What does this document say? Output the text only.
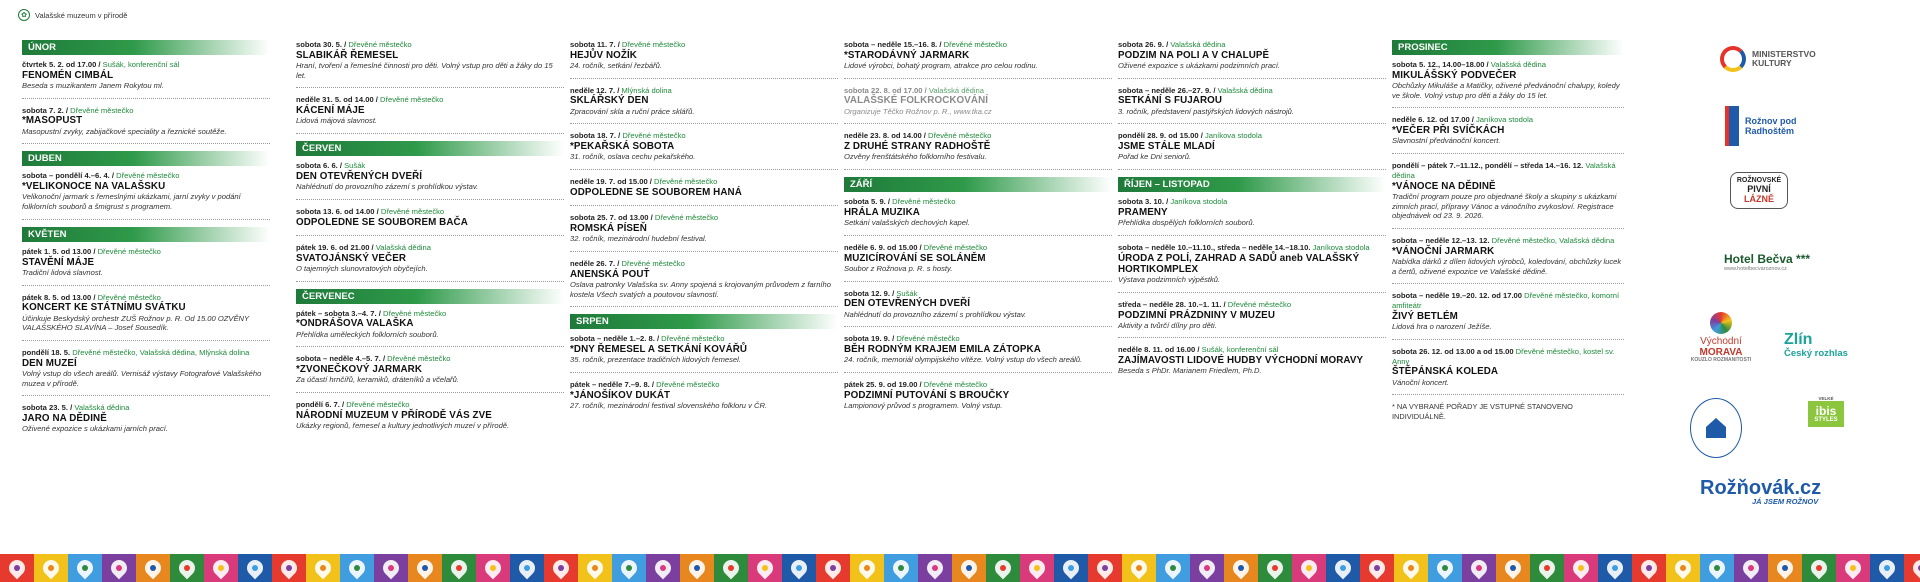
✿	Valašské muzeum v přírodě
ÚNOR
čtvrtek 5. 2. od 17.00 / Sušák, konferenční sál
FENOMÉN CIMBÁL
Beseda s muzikantem Janem Rokytou ml.
sobota 7. 2. / Dřevěné městečko
*MASOPUST
Masopustní zvyky, zabijačkové speciality a řeznické soutěže.
DUBEN
sobota – pondělí 4.–6. 4. / Dřevěné městečko
*VELIKONOCE NA VALAŠSKU
Velikonoční jarmark s řemeslnými ukázkami, jarní zvyky v podání folklorních souborů a šmigrust s programem.
KVĚTEN
pátek 1. 5. od 13.00 / Dřevěné městečko
STAVĚNÍ MÁJE
Tradiční lidová slavnost.
pátek 8. 5. od 13.00 / Dřevěné městečko
KONCERT KE STÁTNÍMU SVÁTKU
Účinkuje Beskydský orchestr ZUŠ Rožnov p. R. Od 15.00 OZVĚNY VALAŠSKÉHO SLAVÍNA – Josef Sousedík.
pondělí 18. 5. Dřevěné městečko, Valašská dědina, Mlýnská dolina
DEN MUZEÍ
Volný vstup do všech areálů. Vernisáž výstavy Fotografové Valašského muzea v přírodě.
sobota 23. 5. / Valašská dědina
JARO NA DĚDINĚ
Oživené expozice s ukázkami jarních prací.
sobota 30. 5. / Dřevěné městečko
SLABIKÁŘ ŘEMESEL
Hraní, tvoření a řemeslné činnosti pro děti. Volný vstup pro děti a žáky do 15 let.
neděle 31. 5. od 14.00 / Dřevěné městečko
KÁCENÍ MÁJE
Lidová májová slavnost.
ČERVEN
sobota 6. 6. / Sušák
DEN OTEVŘENÝCH DVEŘÍ
Nahlédnutí do provozního zázemí s prohlídkou výstav.
sobota 13. 6. od 14.00 / Dřevěné městečko
ODPOLEDNE SE SOUBOREM BAČA
pátek 19. 6. od 21.00 / Valašská dědina
SVATOJÁNSKÝ VEČER
O tajemných slunovratových obyčejích.
ČERVENEC
pátek – sobota 3.–4. 7. / Dřevěné městečko
*ONDRÁŠOVA VALAŠKA
Přehlídka uměleckých folklorních souborů.
sobota – neděle 4.–5. 7. / Dřevěné městečko
*ZVONEČKOVÝ JARMARK
Za účastí hrnčířů, keramiků, dráteníků a včelařů.
pondělí 6. 7. / Dřevěné městečko
NÁRODNÍ MUZEUM V PŘÍRODĚ VÁS ZVE
Ukázky regionů, řemesel a kultury jednotlivých muzeí v přírodě.
sobota 11. 7. / Dřevěné městečko
HEJŮV NOŽÍK
24. ročník, setkání řezbářů.
neděle 12. 7. / Mlýnská dolina
SKLÁŘSKÝ DEN
Zpracování skla a ruční práce sklářů.
sobota 18. 7. / Dřevěné městečko
*PEKAŘSKÁ SOBOTA
31. ročník, oslava cechu pekařského.
neděle 19. 7. od 15.00 / Dřevěné městečko
ODPOLEDNE SE SOUBOREM HANÁ
sobota 25. 7. od 13.00 / Dřevěné městečko
ROMSKÁ PÍSEŇ
32. ročník, mezinárodní hudební festival.
neděle 26. 7. / Dřevěné městečko
ANENSKÁ POUŤ
Oslava patronky Valašska sv. Anny spojená s krojovaným průvodem z farního kostela Všech svatých a poutovou slavností.
SRPEN
sobota – neděle 1.–2. 8. / Dřevěné městečko
*DNY ŘEMESEL A SETKÁNÍ KOVÁŘŮ
35. ročník, prezentace tradičních lidových řemesel.
pátek – neděle 7.–9. 8. / Dřevěné městečko
*JÁNOŠÍKOV DUKÁT
27. ročník, mezinárodní festival slovenského folkloru v ČR.
sobota – neděle 15.–16. 8. / Dřevěné městečko
*STARODÁVNÝ JARMARK
Lidové výrobci, bohatý program, atrakce pro celou rodinu.
sobota 22. 8. od 17.00 / Valašská dědina
VALAŠSKÉ FOLKROCKOVÁNÍ
Organizuje Těčko Rožnov p. R., www.tka.cz
neděle 23. 8. od 14.00 / Dřevěné městečko
Z DRUHÉ STRANY RADHOŠTĚ
Ozvěny frenštátského folklorního festivalu.
ZÁŘÍ
sobota 5. 9. / Dřevěné městečko
HRÁLA MUZIKA
Setkání valašských dechových kapel.
neděle 6. 9. od 15.00 / Dřevěné městečko
MUZICÍROVÁNÍ SE SOLÁNĚM
Soubor z Rožnova p. R. s hosty.
sobota 12. 9. / Sušák
DEN OTEVŘENÝCH DVEŘÍ
Nahlédnutí do provozního zázemí s prohlídkou výstav.
sobota 19. 9. / Dřevěné městečko
BĚH RODNÝM KRAJEM EMILA ZÁTOPKA
24. ročník, memoriál olympijského vítěze. Volný vstup do všech areálů.
pátek 25. 9. od 19.00 / Dřevěné městečko
PODZIMNÍ PUTOVÁNÍ S BROUČKY
Lampionový průvod s programem. Volný vstup.
sobota 26. 9. / Valašská dědina
PODZIM NA POLI A V CHALUPĚ
Oživené expozice s ukázkami podzimních prací.
sobota – neděle 26.–27. 9. / Valašská dědina
SETKÁNÍ S FUJAROU
3. ročník, představení pastýřských lidových nástrojů.
pondělí 28. 9. od 15.00 / Janíkova stodola
JSME STÁLE MLADÍ
Pořad ke Dni seniorů.
ŘÍJEN – LISTOPAD
sobota 3. 10. / Janíkova stodola
PRAMENY
Přehlídka dospělých folklorních souborů.
sobota – neděle 10.–11.10., středa – neděle 14.–18.10. Janíkova stodola
ÚRODA Z POLÍ, ZAHRAD A SADŮ aneb VALAŠSKÝ HORTIKOMPLEX
Výstava podzimních výpěstků.
středa – neděle 28. 10.–1. 11. / Dřevěné městečko
PODZIMNÍ PRÁZDNINY V MUZEU
Aktivity a tvůrčí dílny pro děti.
neděle 8. 11. od 16.00 / Sušák, konferenční sál
ZAJÍMAVOSTI LIDOVÉ HUDBY VÝCHODNÍ MORAVY
Beseda s PhDr. Marianem Friedlem, Ph.D.
PROSINEC
sobota 5. 12., 14.00–18.00 / Valašská dědina
MIKULÁŠSKÝ PODVEČER
Obchůzky Mikuláše a Matičky, oživené předvánoční chalupy, koledy ve škole. Volný vstup pro děti a žáky do 15 let.
neděle 6. 12. od 17.00 / Janíkova stodola
*VEČER PŘI SVÍČKÁCH
Slavnostní předvánoční koncert.
pondělí – pátek 7.–11.12., pondělí – středa 14.–16. 12. Valašská dědina
*VÁNOCE NA DĚDINĚ
Tradiční program pouze pro objednané školy a skupiny s ukázkami zimních prací, přípravy Vánoc a vánočního zvykosloví. Registrace objednávek od 23. 9. 2026.
sobota – neděle 12.–13. 12. Dřevěné městečko, Valašská dědina
*VÁNOČNÍ JARMARK
Nabídka dárků z dílen lidových výrobců, koledování, obchůzky lucek a čertů, oživené expozice ve Valašské dědině.
sobota – neděle 19.–20. 12. od 17.00 Dřevěné městečko, komorní amfiteátr
ŽIVÝ BETLÉM
Lidová hra o narození Ježíše.
sobota 26. 12. od 13.00 a od 15.00 Dřevěné městečko, kostel sv. Anny
ŠTĚPÁNSKÁ KOLEDA
Vánoční koncert.
* NA VYBRANÉ POŘADY JE VSTUPNÉ STANOVENO INDIVIDUÁLNĚ.
MINISTERSTVO KULTURY
Rožnov pod Radhoštěm
ROŽNOVSKÉ
PIVNÍ
LÁZNĚ
Hotel Bečva ***
www.hotelbecvaroznov.cz
Východní
MORAVA
KOUZLO ROZMANITOSTI
Zlín
Český rozhlas
VELKÉ
ibis
STYLES
Rožňovák.cz
JÁ JSEM ROŽNOV
